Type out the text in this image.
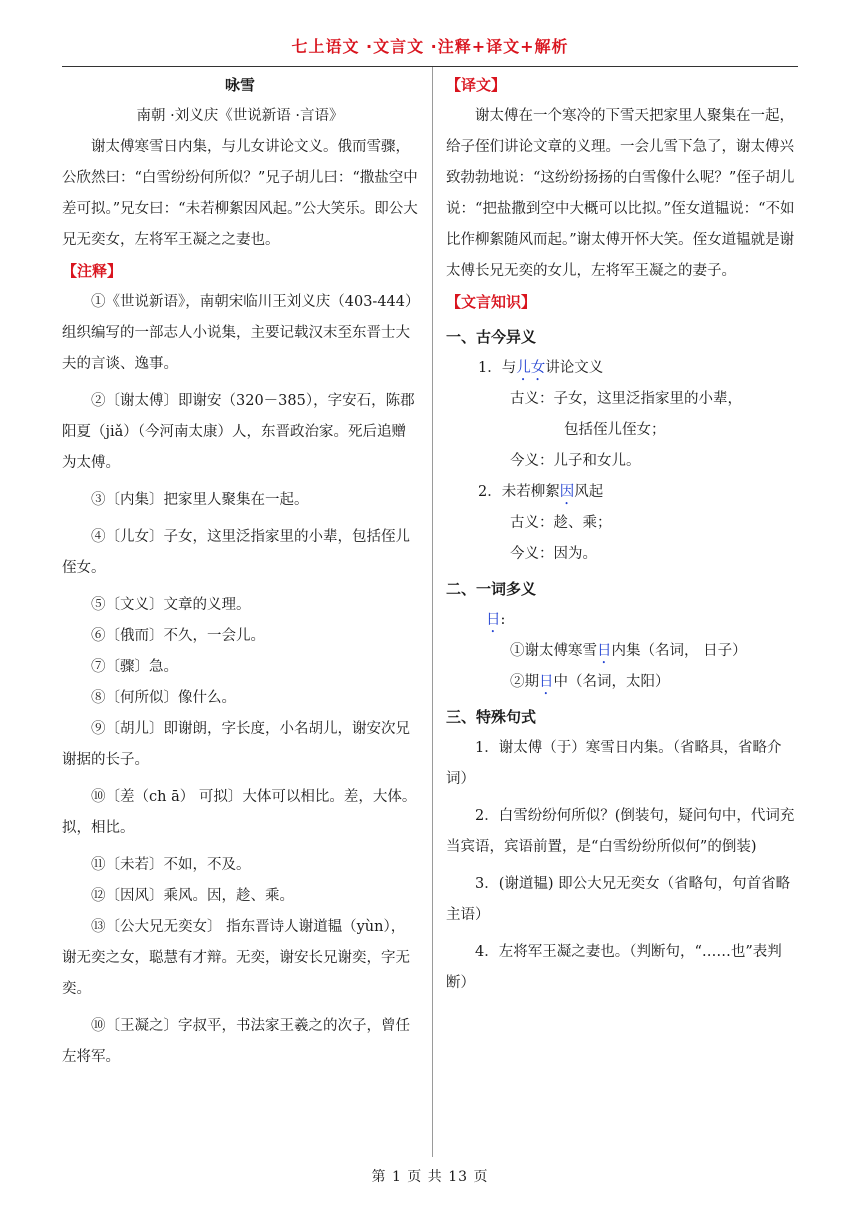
七上语文 ·文言文 ·注释+译文+解析

咏雪

南朝 ·刘义庆《世说新语 ·言语》

谢太傅寒雪日内集，与儿女讲论文义。俄而雪骤，公欣然曰：“白雪纷纷何所似？”兄子胡儿曰：“撒盐空中差可拟。”兄女曰：“未若柳絮因风起。”公大笑乐。即公大兄无奕女，左将军王凝之之妻也。

【注释】

①《世说新语》，南朝宋临川王刘义庆（403-444）组织编写的一部志人小说集，主要记载汉末至东晋士大夫的言谈、逸事。

②〔谢太傅〕即谢安（320－385），字安石，陈郡阳夏（jiǎ）（今河南太康）人，东晋政治家。死后追赠为太傅。

③〔内集〕把家里人聚集在一起。

④〔儿女〕子女，这里泛指家里的小辈，包括侄儿侄女。

⑤〔文义〕文章的义理。

⑥〔俄而〕不久，一会儿。

⑦〔骤〕急。

⑧〔何所似〕像什么。

⑨〔胡儿〕即谢朗，字长度，小名胡儿，谢安次兄谢据的长子。

⑩〔差（ch ā） 可拟〕大体可以相比。差，大体。拟，相比。

⑪〔未若〕不如，不及。

⑫〔因风〕乘风。因，趁、乘。

⑬〔公大兄无奕女〕 指东晋诗人谢道韫（yùn），谢无奕之女，聪慧有才辩。无奕，谢安长兄谢奕，字无奕。

⑩〔王凝之〕字叔平，书法家王羲之的次子，曾任左将军。

【译文】

谢太傅在一个寒冷的下雪天把家里人聚集在一起，给子侄们讲论文章的义理。一会儿雪下急了，谢太傅兴致勃勃地说：“这纷纷扬扬的白雪像什么呢？”侄子胡儿说：“把盐撒到空中大概可以比拟。”侄女道韫说：“不如比作柳絮随风而起。”谢太傅开怀大笑。侄女道韫就是谢太傅长兄无奕的女儿，左将军王凝之的妻子。

【文言知识】

一、古今异义

1．与儿女讲论文义

古义：子女，这里泛指家里的小辈，

包括侄儿侄女；

今义：儿子和女儿。

2．未若柳絮因风起

古义：趁、乘；

今义：因为。

二、一词多义

日:

①谢太傅寒雪日内集（名词， 日子）

②期日中（名词，太阳）

三、特殊句式

1．谢太傅（于）寒雪日内集。（省略具，省略介词）

2．白雪纷纷何所似？(倒装句，疑问句中，代词充当宾语，宾语前置，是“白雪纷纷所似何”的倒装)

3．(谢道韫) 即公大兄无奕女（省略句，句首省略主语）

4．左将军王凝之妻也。（判断句，“……也”表判断）

第 1 页 共 13 页
